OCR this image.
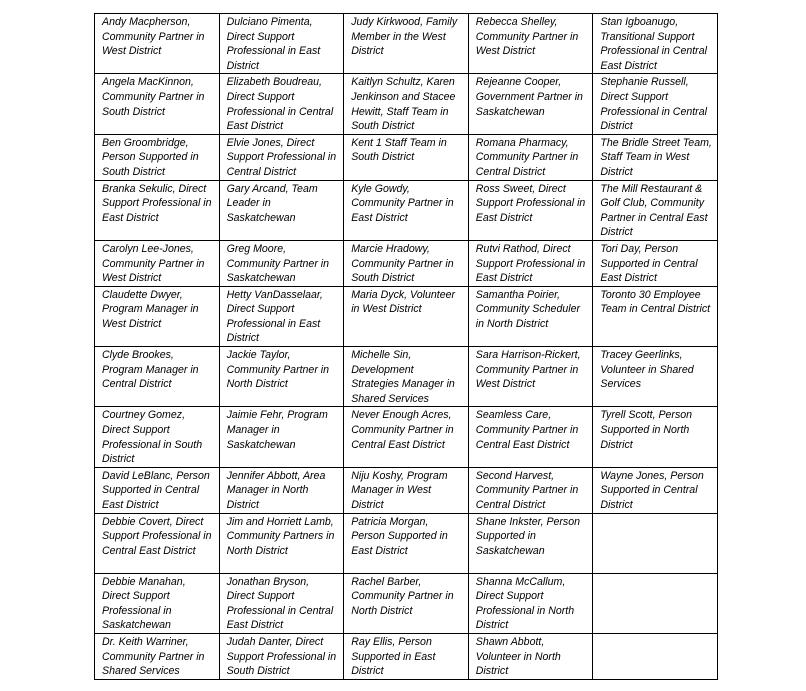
Andy Macpherson, Community Partner in West District	Dulciano Pimenta, Direct Support Professional in East District	Judy Kirkwood, Family Member in the West District	Rebecca Shelley, Community Partner in West District	Stan Igboanugo, Transitional Support Professional in Central East District
Angela MacKinnon, Community Partner in South District	Elizabeth Boudreau, Direct Support Professional in Central East District	Kaitlyn Schultz, Karen Jenkinson and Stacee Hewitt, Staff Team in South District	Rejeanne Cooper, Government Partner in Saskatchewan	Stephanie Russell, Direct Support Professional in Central District
Ben Groombridge, Person Supported in South District	Elvie Jones, Direct Support Professional in Central District	Kent 1 Staff Team in South District	Romana Pharmacy, Community Partner in Central District	The Bridle Street Team, Staff Team in West District
Branka Sekulic, Direct Support Professional in East District	Gary Arcand, Team Leader in Saskatchewan	Kyle Gowdy, Community Partner in East District	Ross Sweet, Direct Support Professional in East District	The Mill Restaurant & Golf Club, Community Partner in Central East District
Carolyn Lee-Jones, Community Partner in West District	Greg Moore, Community Partner in Saskatchewan	Marcie Hradowy, Community Partner in South District	Rutvi Rathod, Direct Support Professional in East District	Tori Day, Person Supported in Central East District
Claudette Dwyer, Program Manager in West District	Hetty VanDasselaar, Direct Support Professional in East District	Maria Dyck, Volunteer in West District	Samantha Poirier, Community Scheduler in North District	Toronto 30 Employee Team in Central District
Clyde Brookes, Program Manager in Central District	Jackie Taylor, Community Partner in North District	Michelle Sin, Development Strategies Manager in Shared Services	Sara Harrison-Rickert, Community Partner in West District	Tracey Geerlinks, Volunteer in Shared Services
Courtney Gomez, Direct Support Professional in South District	Jaimie Fehr, Program Manager in Saskatchewan	Never Enough Acres, Community Partner in Central East District	Seamless Care, Community Partner in Central East District	Tyrell Scott, Person Supported in North District
David LeBlanc, Person Supported in Central East District	Jennifer Abbott, Area Manager in North District	Niju Koshy, Program Manager in West District	Second Harvest, Community Partner in Central District	Wayne Jones, Person Supported in Central District
Debbie Covert, Direct Support Professional in Central East District	Jim and Horriett Lamb, Community Partners in North District	Patricia Morgan, Person Supported in East District	Shane Inkster, Person Supported in Saskatchewan	
Debbie Manahan, Direct Support Professional in Saskatchewan	Jonathan Bryson, Direct Support Professional in Central East District	Rachel Barber, Community Partner in North District	Shanna McCallum, Direct Support Professional in North District	
Dr. Keith Warriner, Community Partner in Shared Services	Judah Danter, Direct Support Professional in South District	Ray Ellis, Person Supported in East District	Shawn Abbott, Volunteer in North District	
